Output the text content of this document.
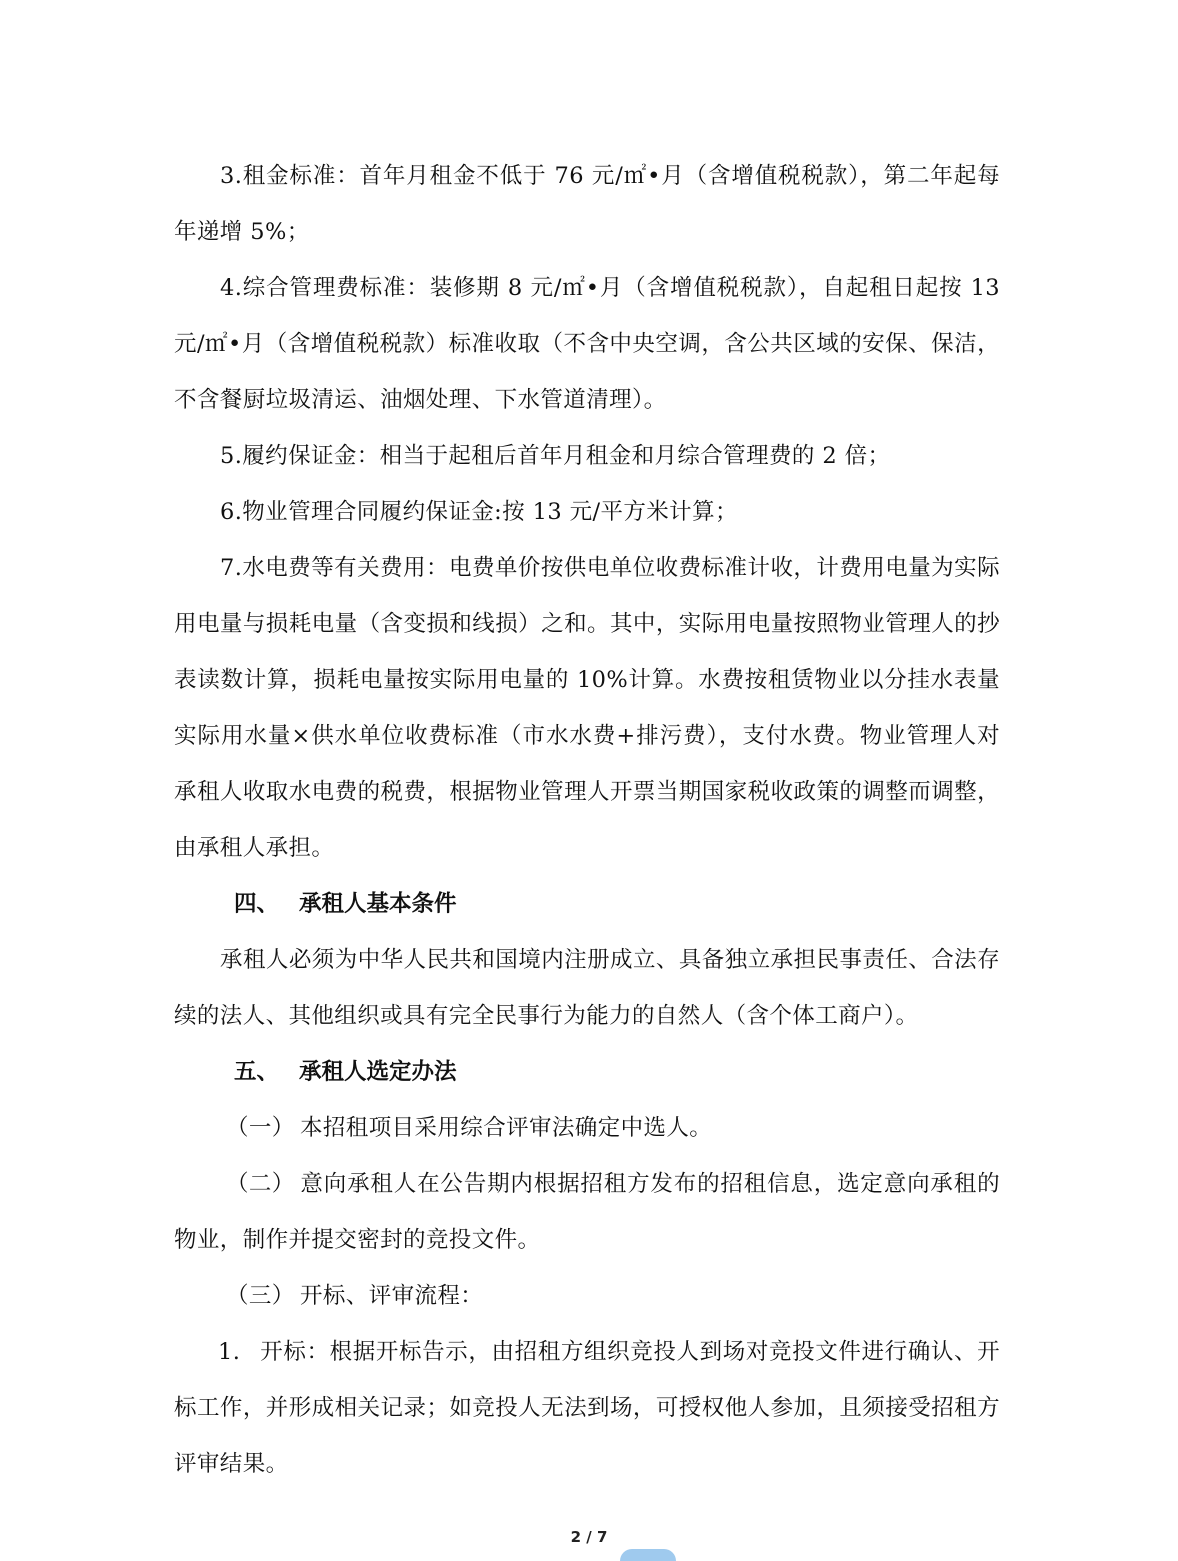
3.租金标准：首年月租金不低于 76 元/㎡•月（含增值税税款），第二年起每年递增 5%；

4.综合管理费标准：装修期 8 元/㎡•月（含增值税税款），自起租日起按 13 元/㎡•月（含增值税税款）标准收取（不含中央空调，含公共区域的安保、保洁，不含餐厨垃圾清运、油烟处理、下水管道清理）。

5.履约保证金：相当于起租后首年月租金和月综合管理费的 2 倍；

6.物业管理合同履约保证金:按 13 元/平方米计算；

7.水电费等有关费用：电费单价按供电单位收费标准计收，计费用电量为实际用电量与损耗电量（含变损和线损）之和。其中，实际用电量按照物业管理人的抄表读数计算，损耗电量按实际用电量的 10%计算。水费按租赁物业以分挂水表量实际用水量×供水单位收费标准（市水水费+排污费），支付水费。物业管理人对承租人收取水电费的税费，根据物业管理人开票当期国家税收政策的调整而调整，由承租人承担。

四、 承租人基本条件

承租人必须为中华人民共和国境内注册成立、具备独立承担民事责任、合法存续的法人、其他组织或具有完全民事行为能力的自然人（含个体工商户）。

五、 承租人选定办法

（一） 本招租项目采用综合评审法确定中选人。

（二） 意向承租人在公告期内根据招租方发布的招租信息，选定意向承租的物业，制作并提交密封的竞投文件。

（三） 开标、评审流程：

1. 开标：根据开标告示，由招租方组织竞投人到场对竞投文件进行确认、开标工作，并形成相关记录；如竞投人无法到场，可授权他人参加，且须接受招租方评审结果。

2 / 7
